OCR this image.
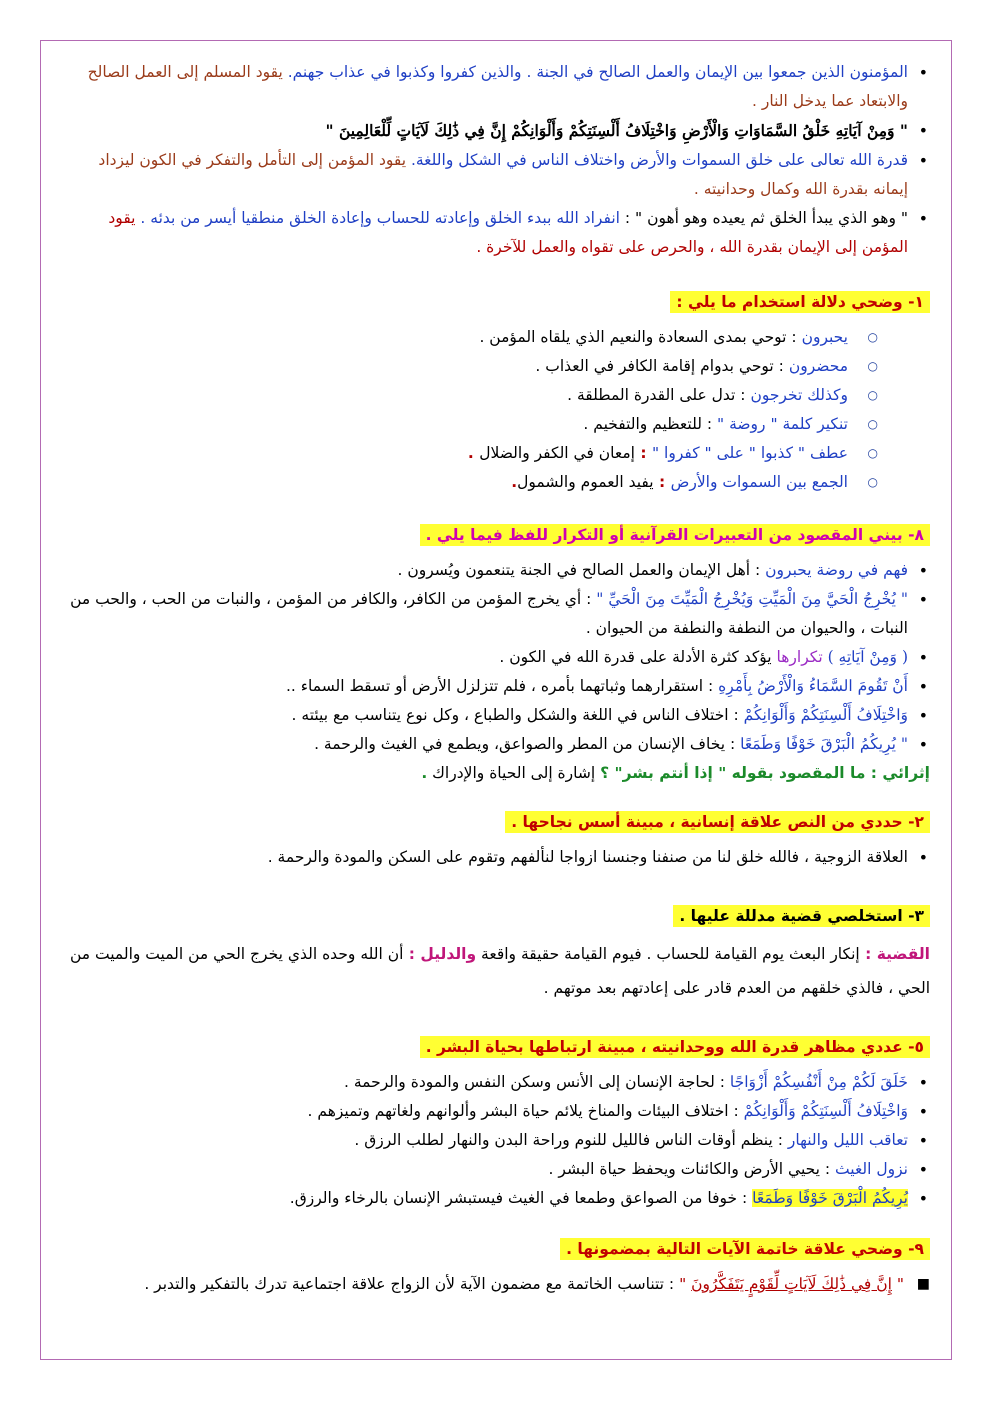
• المؤمنون الذين جمعوا بين الإيمان والعمل الصالح في الجنة . والذين كفروا وكذبوا في عذاب جهنم. يقود المسلم إلى العمل الصالح والابتعاد عما يدخل النار .
• " وَمِنْ آيَاتِهِ خَلْقُ السَّمَاوَاتِ وَالْأَرْضِ وَاخْتِلَافُ أَلْسِنَتِكُمْ وَأَلْوَانِكُمْ إِنَّ فِي ذَٰلِكَ لَآيَاتٍ لِّلْعَالِمِينَ "
• قدرة الله تعالى على خلق السموات والأرض واختلاف الناس في الشكل واللغة. يقود المؤمن إلى التأمل والتفكر في الكون ليزداد إيمانه بقدرة الله وكمال وحدانيته .
• " وهو الذي يبدأ الخلق ثم يعيده وهو أهون " : انفراد الله ببدء الخلق وإعادته للحساب وإعادة الخلق منطقيا أيسر من بدئه . يقود المؤمن إلى الإيمان بقدرة الله ، والحرص على تقواه والعمل للآخرة .
١- وضحي دلالة استخدام ما يلي :
○ يحبرون : توحي بمدى السعادة والنعيم الذي يلقاه المؤمن .
○ محضرون : توحي بدوام إقامة الكافر في العذاب .
○ وكذلك تخرجون : تدل على القدرة المطلقة .
○ تنكير كلمة " روضة " : للتعظيم والتفخيم .
○ عطف " كذبوا " على " كفروا " : إمعان في الكفر والضلال .
○ الجمع بين السموات والأرض : يفيد العموم والشمول.
٨- بيني المقصود من التعبيرات القرآنية أو التكرار للفظ فيما يلي .
• فهم في روضة يحبرون : أهل الإيمان والعمل الصالح في الجنة يتنعمون ويُسرون .
• " يُخْرِجُ الْحَيَّ مِنَ الْمَيِّتِ وَيُخْرِجُ الْمَيِّتَ مِنَ الْحَيِّ " : أي يخرج المؤمن من الكافر، والكافر من المؤمن ، والنبات من الحب ، والحب من النبات ، والحيوان من النطفة والنطفة من الحيوان .
• ( وَمِنْ آيَاتِهِ ) تكرارها يؤكد كثرة الأدلة على قدرة الله في الكون .
• أَنْ تَقُومَ السَّمَاءُ وَالْأَرْضُ بِأَمْرِهِ : استقرارهما وثباتهما بأمره ، فلم تتزلزل الأرض أو تسقط السماء ..
• وَاخْتِلَافُ أَلْسِنَتِكُمْ وَأَلْوَانِكُمْ : اختلاف الناس في اللغة والشكل والطباع ، وكل نوع يتناسب مع بيئته .
• " يُرِيكُمُ الْبَرْقَ خَوْفًا وَطَمَعًا : يخاف الإنسان من المطر والصواعق، ويطمع في الغيث والرحمة .

إثرائي : ما المقصود بقوله " إذا أنتم بشر" ؟ إشارة إلى الحياة والإدراك .

٢- حددي من النص علاقة إنسانية ، مبينة أسس نجاحها .
• العلاقة الزوجية ، فالله خلق لنا من صنفنا وجنسنا ازواجا لنألفهم وتقوم على السكن والمودة والرحمة .
٣- استخلصي قضية مدللة عليها .

القضية : إنكار البعث يوم القيامة للحساب . فيوم القيامة حقيقة واقعة والدليل : أن الله وحده الذي يخرج الحي من الميت والميت من الحي ، فالذي خلقهم من العدم قادر على إعادتهم بعد موتهم .

٥- عددي مظاهر قدرة الله ووحدانيته ، مبينة ارتباطها بحياة البشر .
• خَلَقَ لَكُمْ مِنْ أَنْفُسِكُمْ أَزْوَاجًا : لحاجة الإنسان إلى الأنس وسكن النفس والمودة والرحمة .
• وَاخْتِلَافُ أَلْسِنَتِكُمْ وَأَلْوَانِكُمْ : اختلاف البيئات والمناخ يلائم حياة البشر وألوانهم ولغاتهم وتميزهم .
• تعاقب الليل والنهار : ينظم أوقات الناس فالليل للنوم وراحة البدن والنهار لطلب الرزق .
• نزول الغيث : يحيي الأرض والكائنات ويحفظ حياة البشر .
• يُرِيكُمُ الْبَرْقَ خَوْفًا وَطَمَعًا : خوفا من الصواعق وطمعا في الغيث فيستبشر الإنسان بالرخاء والرزق.
٩- وضحي علاقة خاتمة الآيات التالية بمضمونها .
■ " إِنَّ فِي ذَٰلِكَ لَآيَاتٍ لِّقَوْمٍ يَتَفَكَّرُونَ " : تتناسب الخاتمة مع مضمون الآية لأن الزواج علاقة اجتماعية تدرك بالتفكير والتدبر .
